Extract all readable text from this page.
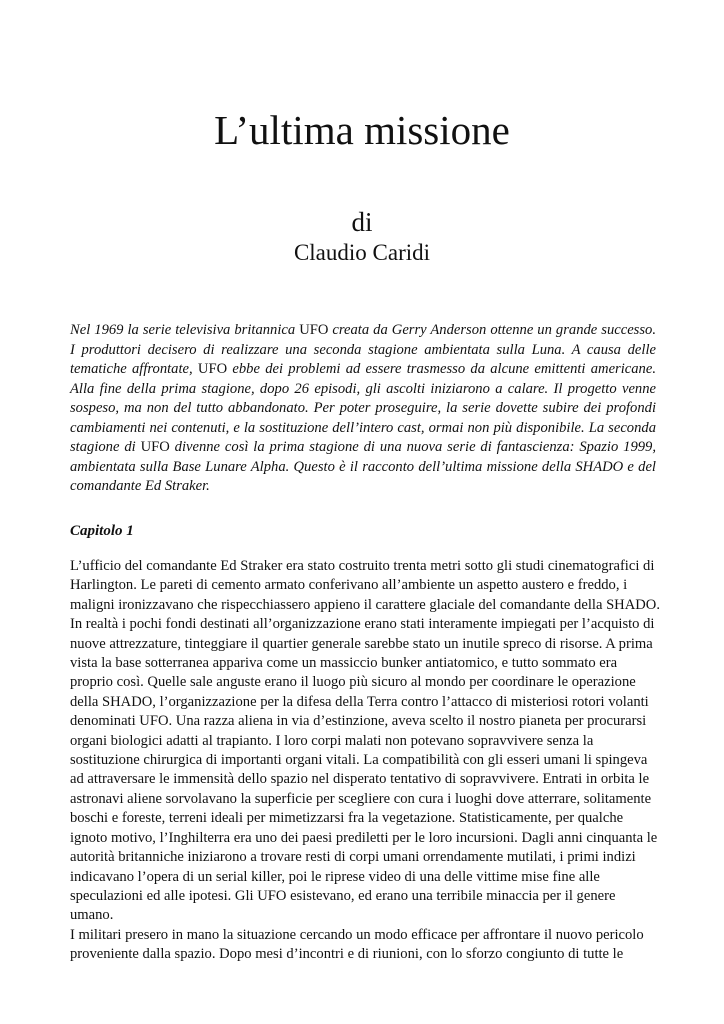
L’ultima missione
di
Claudio Caridi

Nel 1969 la serie televisiva britannica UFO creata da Gerry Anderson ottenne un grande successo. I produttori decisero di realizzare una seconda stagione ambientata sulla Luna. A causa delle tematiche affrontate, UFO ebbe dei problemi ad essere trasmesso da alcune emittenti americane. Alla fine della prima stagione, dopo 26 episodi, gli ascolti iniziarono a calare. Il progetto venne sospeso, ma non del tutto abbandonato. Per poter proseguire, la serie dovette subire dei profondi cambiamenti nei contenuti, e la sostituzione dell’intero cast, ormai non più disponibile. La seconda stagione di UFO divenne così la prima stagione di una nuova serie di fantascienza: Spazio 1999, ambientata sulla Base Lunare Alpha. Questo è il racconto dell’ultima missione della SHADO e del comandante Ed Straker.

Capitolo 1

L’ufficio del comandante Ed Straker era stato costruito trenta metri sotto gli studi cinematografici di Harlington. Le pareti di cemento armato conferivano all’ambiente un aspetto austero e freddo, i maligni ironizzavano che rispecchiassero appieno il carattere glaciale del comandante della SHADO. In realtà i pochi fondi destinati all’organizzazione erano stati interamente impiegati per l’acquisto di nuove attrezzature, tinteggiare il quartier generale sarebbe stato un inutile spreco di risorse. A prima vista la base sotterranea appariva come un massiccio bunker antiatomico, e tutto sommato era proprio così. Quelle sale anguste erano il luogo più sicuro al mondo per coordinare le operazione della SHADO, l’organizzazione per la difesa della Terra contro l’attacco di misteriosi rotori volanti denominati UFO. Una razza aliena in via d’estinzione, aveva scelto il nostro pianeta per procurarsi organi biologici adatti al trapianto. I loro corpi malati non potevano sopravvivere senza la sostituzione chirurgica di importanti organi vitali. La compatibilità con gli esseri umani li spingeva ad attraversare le immensità dello spazio nel disperato tentativo di sopravvivere. Entrati in orbita le astronavi aliene sorvolavano la superficie per scegliere con cura i luoghi dove atterrare, solitamente boschi e foreste, terreni ideali per mimetizzarsi fra la vegetazione. Statisticamente, per qualche ignoto motivo, l’Inghilterra era uno dei paesi prediletti per le loro incursioni. Dagli anni cinquanta le autorità britanniche iniziarono a trovare resti di corpi umani orrendamente mutilati, i primi indizi indicavano l’opera di un serial killer, poi le riprese video di una delle vittime mise fine alle speculazioni ed alle ipotesi. Gli UFO esistevano, ed erano una terribile minaccia per il genere umano.

I militari presero in mano la situazione cercando un modo efficace per affrontare il nuovo pericolo proveniente dalla spazio. Dopo mesi d’incontri e di riunioni, con lo sforzo congiunto di tutte le
